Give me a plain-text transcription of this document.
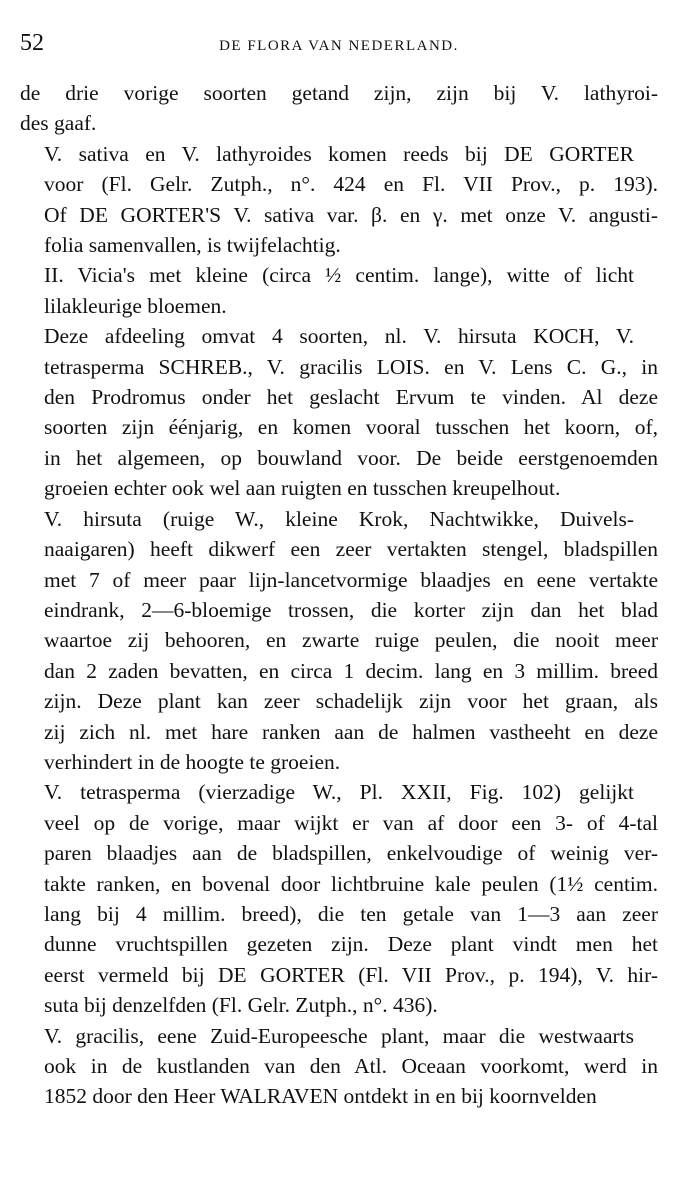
52	DE FLORA VAN NEDERLAND.

de drie vorige soorten getand zijn, zijn bij V. lathyroi-
des gaaf.

V. sativa en V. lathyroides komen reeds bij DE GORTER
voor (Fl. Gelr. Zutph., n°. 424 en Fl. VII Prov., p. 193).
Of DE GORTER'S V. sativa var. β. en γ. met onze V. angusti-
folia samenvallen, is twijfelachtig.

II. Vicia's met kleine (circa ½ centim. lange), witte of licht
lilakleurige bloemen.

Deze afdeeling omvat 4 soorten, nl. V. hirsuta KOCH, V.
tetrasperma SCHREB., V. gracilis LOIS. en V. Lens C. G., in
den Prodromus onder het geslacht Ervum te vinden. Al deze
soorten zijn éénjarig, en komen vooral tusschen het koorn, of,
in het algemeen, op bouwland voor. De beide eerstgenoemden
groeien echter ook wel aan ruigten en tusschen kreupelhout.

V. hirsuta (ruige W., kleine Krok, Nachtwikke, Duivels-
naaigaren) heeft dikwerf een zeer vertakten stengel, bladspillen
met 7 of meer paar lijn-lancetvormige blaadjes en eene vertakte
eindrank, 2—6-bloemige trossen, die korter zijn dan het blad
waartoe zij behooren, en zwarte ruige peulen, die nooit meer
dan 2 zaden bevatten, en circa 1 decim. lang en 3 millim. breed
zijn. Deze plant kan zeer schadelijk zijn voor het graan, als
zij zich nl. met hare ranken aan de halmen vastheeht en deze
verhindert in de hoogte te groeien.

V. tetrasperma (vierzadige W., Pl. XXII, Fig. 102) gelijkt
veel op de vorige, maar wijkt er van af door een 3- of 4-tal
paren blaadjes aan de bladspillen, enkelvoudige of weinig ver-
takte ranken, en bovenal door lichtbruine kale peulen (1½ centim.
lang bij 4 millim. breed), die ten getale van 1—3 aan zeer
dunne vruchtspillen gezeten zijn. Deze plant vindt men het
eerst vermeld bij DE GORTER (Fl. VII Prov., p. 194), V. hir-
suta bij denzelfden (Fl. Gelr. Zutph., n°. 436).

V. gracilis, eene Zuid-Europeesche plant, maar die westwaarts
ook in de kustlanden van den Atl. Oceaan voorkomt, werd in
1852 door den Heer WALRAVEN ontdekt in en bij koornvelden
